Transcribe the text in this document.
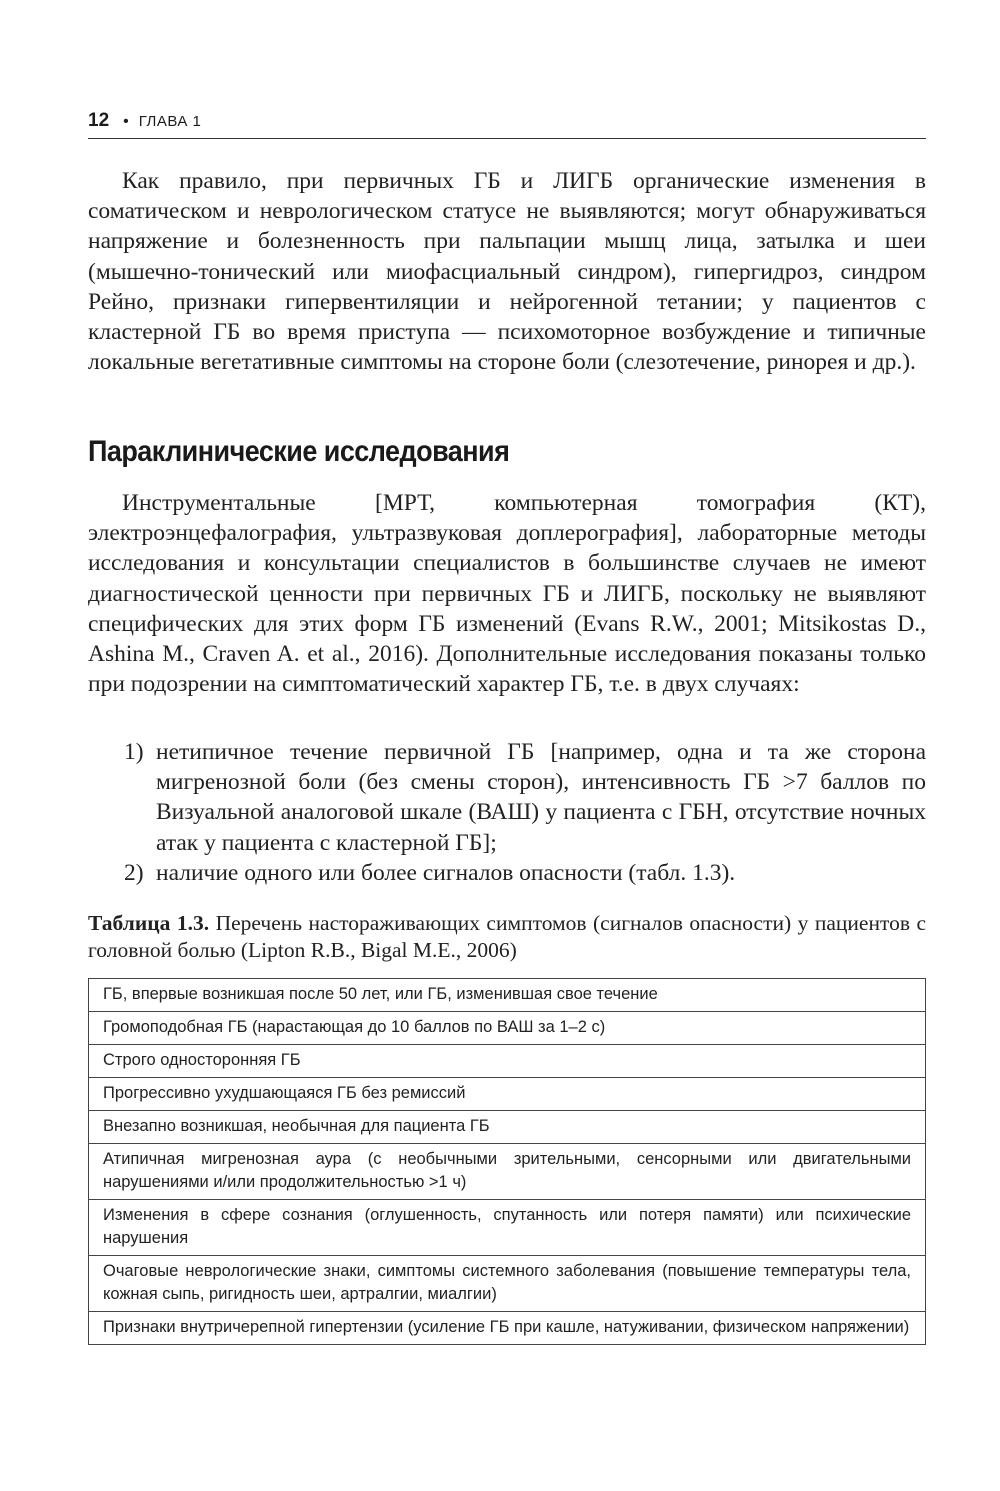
12 • ГЛАВА 1

Как правило, при первичных ГБ и ЛИГБ органические изменения в соматическом и неврологическом статусе не выявляются; могут обнаруживаться напряжение и болезненность при пальпации мышц лица, затылка и шеи (мышечно-тонический или миофасциальный синдром), гипергидроз, синдром Рейно, признаки гипервентиляции и нейрогенной тетании; у пациентов с кластерной ГБ во время приступа — психомоторное возбуждение и типичные локальные вегетативные симптомы на стороне боли (слезотечение, ринорея и др.).

Параклинические исследования

Инструментальные [МРТ, компьютерная томография (КТ), электроэнцефалография, ультразвуковая доплерография], лабораторные методы исследования и консультации специалистов в большинстве случаев не имеют диагностической ценности при первичных ГБ и ЛИГБ, поскольку не выявляют специфических для этих форм ГБ изменений (Evans R.W., 2001; Mitsikostas D., Ashina M., Craven A. et al., 2016). Дополнительные исследования показаны только при подозрении на симптоматический характер ГБ, т.е. в двух случаях:

1) нетипичное течение первичной ГБ [например, одна и та же сторона мигренозной боли (без смены сторон), интенсивность ГБ >7 баллов по Визуальной аналоговой шкале (ВАШ) у пациента с ГБН, отсутствие ночных атак у пациента с кластерной ГБ];
2) наличие одного или более сигналов опасности (табл. 1.3).

Таблица 1.3. Перечень настораживающих симптомов (сигналов опасности) у пациентов с головной болью (Lipton R.B., Bigal M.E., 2006)

ГБ, впервые возникшая после 50 лет, или ГБ, изменившая свое течение
Громоподобная ГБ (нарастающая до 10 баллов по ВАШ за 1–2 с)
Строго односторонняя ГБ
Прогрессивно ухудшающаяся ГБ без ремиссий
Внезапно возникшая, необычная для пациента ГБ
Атипичная мигренозная аура (с необычными зрительными, сенсорными или двигательными нарушениями и/или продолжительностью >1 ч)
Изменения в сфере сознания (оглушенность, спутанность или потеря памяти) или психические нарушения
Очаговые неврологические знаки, симптомы системного заболевания (повышение температуры тела, кожная сыпь, ригидность шеи, артралгии, миалгии)
Признаки внутричерепной гипертензии (усиление ГБ при кашле, натуживании, физическом напряжении)
